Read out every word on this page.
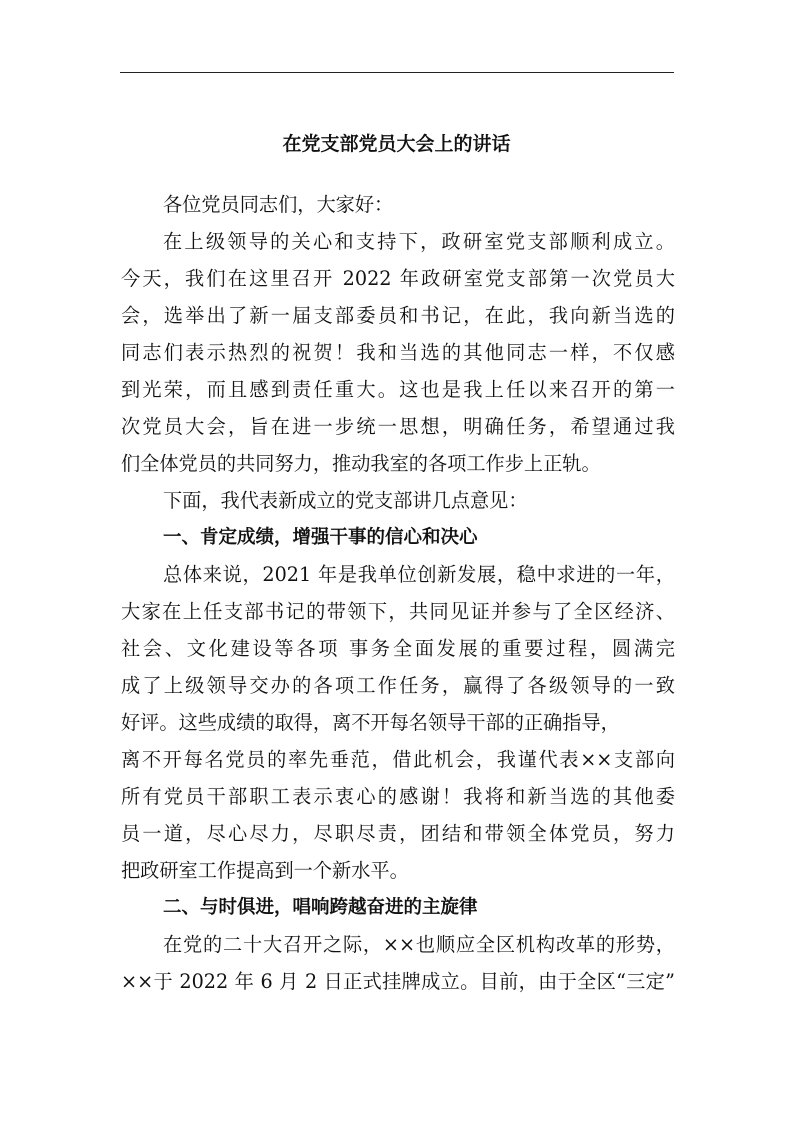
在党支部党员大会上的讲话
各位党员同志们，大家好：
在上级领导的关心和支持下，政研室党支部顺利成立。
今天，我们在这里召开 2022 年政研室党支部第一次党员大
会，选举出了新一届支部委员和书记，在此，我向新当选的
同志们表示热烈的祝贺！我和当选的其他同志一样，不仅感
到光荣，而且感到责任重大。这也是我上任以来召开的第一
次党员大会，旨在进一步统一思想，明确任务，希望通过我
们全体党员的共同努力，推动我室的各项工作步上正轨。
下面，我代表新成立的党支部讲几点意见：
一、肯定成绩，增强干事的信心和决心
总体来说，2021 年是我单位创新发展，稳中求进的一年，
大家在上任支部书记的带领下，共同见证并参与了全区经济、
社会、文化建设等各项 事务全面发展的重要过程，圆满完
成了上级领导交办的各项工作任务，赢得了各级领导的一致
好评。这些成绩的取得，离不开每名领导干部的正确指导，
离不开每名党员的率先垂范，借此机会，我谨代表××支部向
所有党员干部职工表示衷心的感谢！我将和新当选的其他委
员一道，尽心尽力，尽职尽责，团结和带领全体党员，努力
把政研室工作提高到一个新水平。
二、与时俱进，唱响跨越奋进的主旋律
在党的二十大召开之际，××也顺应全区机构改革的形势，
××于 2022 年 6 月 2 日正式挂牌成立。目前，由于全区“三定”
